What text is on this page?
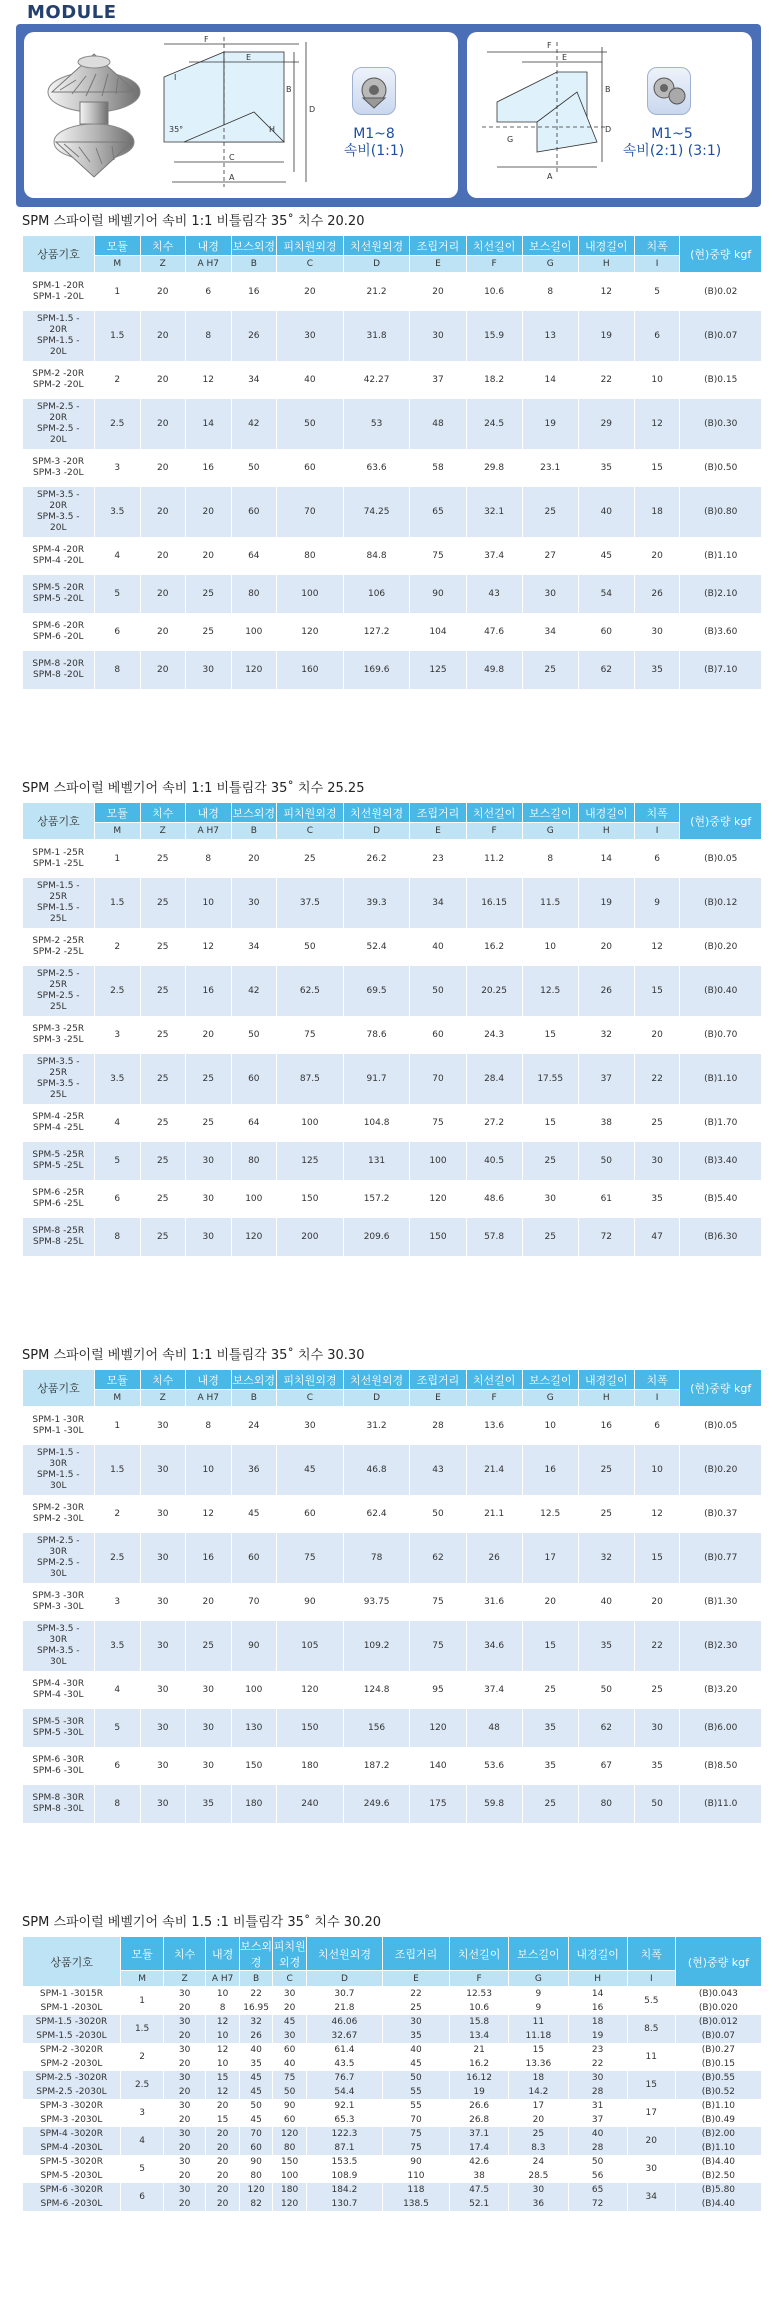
MODULE
F
E
B
D
C
A
I
H
35°	M1~8
속비(1:1)
F
E
B
D
A
G	M1~5
속비(2:1) (3:1)
SPM 스파이럴 베벨기어 속비 1:1 비틀림각 35˚ 치수 20.20
상품기호	모듈	치수	내경	보스외경	피치원외경	치선원외경	조립거리	치선길이	보스길이	내경길이	치폭	(현)중량 kgf
	M	Z	A H7	B	C	D	E	F	G	H	I	

SPM-1 -20R
SPM-1 -20L	1	20	6	16	20	21.2	20	10.6	8	12	5	(B)0.02

SPM-1.5 -
20R
SPM-1.5 -
20L	1.5	20	8	26	30	31.8	30	15.9	13	19	6	(B)0.07

SPM-2 -20R
SPM-2 -20L	2	20	12	34	40	42.27	37	18.2	14	22	10	(B)0.15

SPM-2.5 -
20R
SPM-2.5 -
20L	2.5	20	14	42	50	53	48	24.5	19	29	12	(B)0.30

SPM-3 -20R
SPM-3 -20L	3	20	16	50	60	63.6	58	29.8	23.1	35	15	(B)0.50

SPM-3.5 -
20R
SPM-3.5 -
20L	3.5	20	20	60	70	74.25	65	32.1	25	40	18	(B)0.80

SPM-4 -20R
SPM-4 -20L	4	20	20	64	80	84.8	75	37.4	27	45	20	(B)1.10

SPM-5 -20R
SPM-5 -20L	5	20	25	80	100	106	90	43	30	54	26	(B)2.10

SPM-6 -20R
SPM-6 -20L	6	20	25	100	120	127.2	104	47.6	34	60	30	(B)3.60

SPM-8 -20R
SPM-8 -20L	8	20	30	120	160	169.6	125	49.8	25	62	35	(B)7.10
SPM 스파이럴 베벨기어 속비 1:1 비틀림각 35˚ 치수 25.25
상품기호	모듈	치수	내경	보스외경	피치원외경	치선원외경	조립거리	치선길이	보스길이	내경길이	치폭	(현)중량 kgf
	M	Z	A H7	B	C	D	E	F	G	H	I	

SPM-1 -25R
SPM-1 -25L	1	25	8	20	25	26.2	23	11.2	8	14	6	(B)0.05

SPM-1.5 -
25R
SPM-1.5 -
25L	1.5	25	10	30	37.5	39.3	34	16.15	11.5	19	9	(B)0.12

SPM-2 -25R
SPM-2 -25L	2	25	12	34	50	52.4	40	16.2	10	20	12	(B)0.20

SPM-2.5 -
25R
SPM-2.5 -
25L	2.5	25	16	42	62.5	69.5	50	20.25	12.5	26	15	(B)0.40

SPM-3 -25R
SPM-3 -25L	3	25	20	50	75	78.6	60	24.3	15	32	20	(B)0.70

SPM-3.5 -
25R
SPM-3.5 -
25L	3.5	25	25	60	87.5	91.7	70	28.4	17.55	37	22	(B)1.10

SPM-4 -25R
SPM-4 -25L	4	25	25	64	100	104.8	75	27.2	15	38	25	(B)1.70

SPM-5 -25R
SPM-5 -25L	5	25	30	80	125	131	100	40.5	25	50	30	(B)3.40

SPM-6 -25R
SPM-6 -25L	6	25	30	100	150	157.2	120	48.6	30	61	35	(B)5.40

SPM-8 -25R
SPM-8 -25L	8	25	30	120	200	209.6	150	57.8	25	72	47	(B)6.30
SPM 스파이럴 베벨기어 속비 1:1 비틀림각 35˚ 치수 30.30
상품기호	모듈	치수	내경	보스외경	피치원외경	치선원외경	조립거리	치선길이	보스길이	내경길이	치폭	(현)중량 kgf
	M	Z	A H7	B	C	D	E	F	G	H	I	

SPM-1 -30R
SPM-1 -30L	1	30	8	24	30	31.2	28	13.6	10	16	6	(B)0.05

SPM-1.5 -
30R
SPM-1.5 -
30L	1.5	30	10	36	45	46.8	43	21.4	16	25	10	(B)0.20

SPM-2 -30R
SPM-2 -30L	2	30	12	45	60	62.4	50	21.1	12.5	25	12	(B)0.37

SPM-2.5 -
30R
SPM-2.5 -
30L	2.5	30	16	60	75	78	62	26	17	32	15	(B)0.77

SPM-3 -30R
SPM-3 -30L	3	30	20	70	90	93.75	75	31.6	20	40	20	(B)1.30

SPM-3.5 -
30R
SPM-3.5 -
30L	3.5	30	25	90	105	109.2	75	34.6	15	35	22	(B)2.30

SPM-4 -30R
SPM-4 -30L	4	30	30	100	120	124.8	95	37.4	25	50	25	(B)3.20

SPM-5 -30R
SPM-5 -30L	5	30	30	130	150	156	120	48	35	62	30	(B)6.00

SPM-6 -30R
SPM-6 -30L	6	30	30	150	180	187.2	140	53.6	35	67	35	(B)8.50

SPM-8 -30R
SPM-8 -30L	8	30	35	180	240	249.6	175	59.8	25	80	50	(B)11.0
SPM 스파이럴 베벨기어 속비 1.5 :1 비틀림각 35˚ 치수 30.20
상품기호	모듈	치수	내경	보스외경	피치원외경	치선원외경	조립거리	치선길이	보스길이	내경길이	치폭	(현)중량 kgf
	M	Z	A H7	B	C	D	E	F	G	H	I	
SPM-1 -3015R	1	30	10	22	30	30.7	22	12.53	9	14	5.5	(B)0.043
SPM-1 -2030L		20	8	16.95	20	21.8	25	10.6	9	16		(B)0.020
SPM-1.5 -3020R	1.5	30	12	32	45	46.06	30	15.8	11	18	8.5	(B)0.012
SPM-1.5 -2030L		20	10	26	30	32.67	35	13.4	11.18	19		(B)0.07
SPM-2 -3020R	2	30	12	40	60	61.4	40	21	15	23	11	(B)0.27
SPM-2 -2030L		20	10	35	40	43.5	45	16.2	13.36	22		(B)0.15
SPM-2.5 -3020R	2.5	30	15	45	75	76.7	50	16.12	18	30	15	(B)0.55
SPM-2.5 -2030L		20	12	45	50	54.4	55	19	14.2	28		(B)0.52
SPM-3 -3020R	3	30	20	50	90	92.1	55	26.6	17	31	17	(B)1.10
SPM-3 -2030L		20	15	45	60	65.3	70	26.8	20	37		(B)0.49
SPM-4 -3020R	4	30	20	70	120	122.3	75	37.1	25	40	20	(B)2.00
SPM-4 -2030L		20	20	60	80	87.1	75	17.4	8.3	28		(B)1.10
SPM-5 -3020R	5	30	20	90	150	153.5	90	42.6	24	50	30	(B)4.40
SPM-5 -2030L		20	20	80	100	108.9	110	38	28.5	56		(B)2.50
SPM-6 -3020R	6	30	20	120	180	184.2	118	47.5	30	65	34	(B)5.80
SPM-6 -2030L		20	20	82	120	130.7	138.5	52.1	36	72		(B)4.40
